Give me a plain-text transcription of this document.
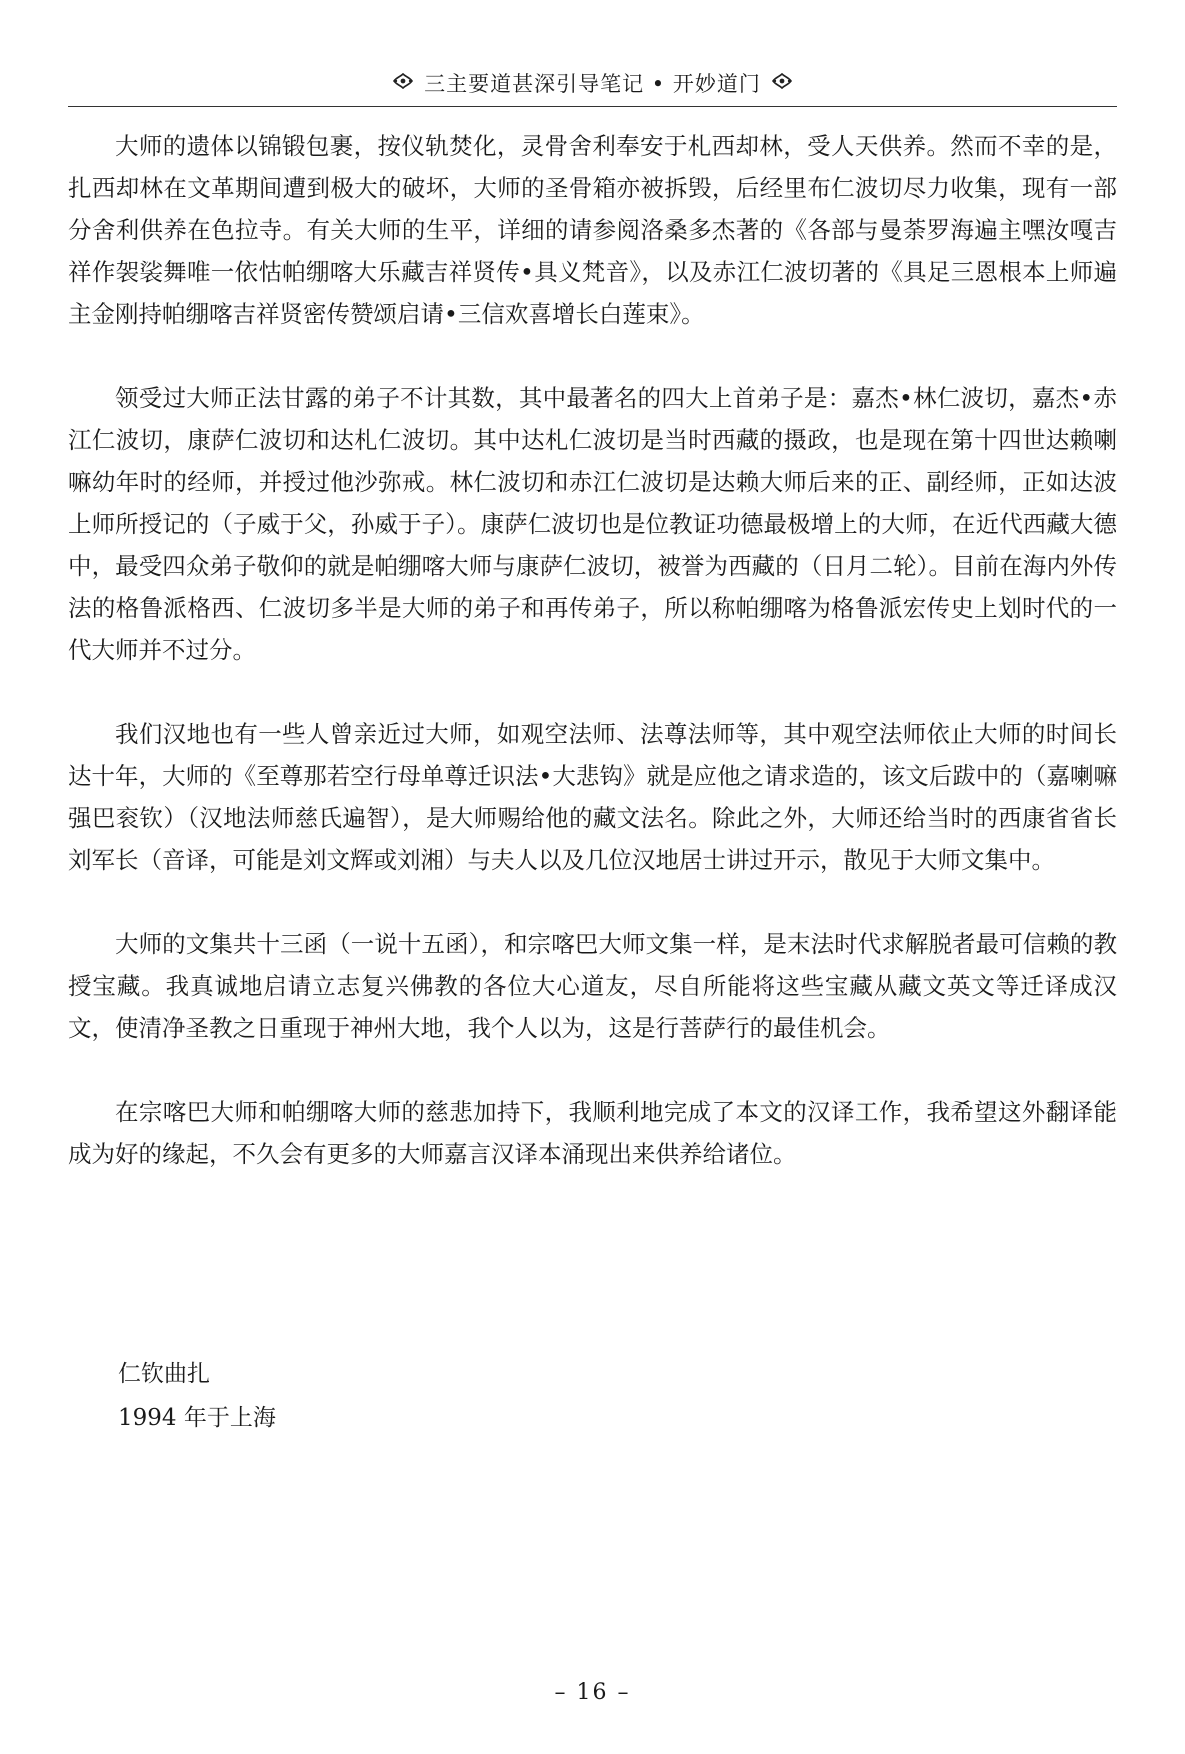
三主要道甚深引导笔记 • 开妙道门

大师的遗体以锦锻包裹，按仪轨焚化，灵骨舍利奉安于札西却林，受人天供养。然而不幸的是，扎西却林在文革期间遭到极大的破坏，大师的圣骨箱亦被拆毁，后经里布仁波切尽力收集，现有一部分舍利供养在色拉寺。有关大师的生平，详细的请参阅洛桑多杰著的《各部与曼荼罗海遍主嘿汝嘎吉祥作袈裟舞唯一依怙帕绷喀大乐藏吉祥贤传•具义梵音》，以及赤江仁波切著的《具足三恩根本上师遍主金刚持帕绷喀吉祥贤密传赞颂启请•三信欢喜增长白莲束》。

领受过大师正法甘露的弟子不计其数，其中最著名的四大上首弟子是：嘉杰•林仁波切，嘉杰•赤江仁波切，康萨仁波切和达札仁波切。其中达札仁波切是当时西藏的摄政，也是现在第十四世达赖喇嘛幼年时的经师，并授过他沙弥戒。林仁波切和赤江仁波切是达赖大师后来的正、副经师，正如达波上师所授记的（子威于父，孙威于子）。康萨仁波切也是位教证功德最极增上的大师，在近代西藏大德中，最受四众弟子敬仰的就是帕绷喀大师与康萨仁波切，被誉为西藏的（日月二轮）。目前在海内外传法的格鲁派格西、仁波切多半是大师的弟子和再传弟子，所以称帕绷喀为格鲁派宏传史上划时代的一代大师并不过分。

我们汉地也有一些人曾亲近过大师，如观空法师、法尊法师等，其中观空法师依止大师的时间长达十年，大师的《至尊那若空行母单尊迁识法•大悲钩》就是应他之请求造的，该文后跋中的（嘉喇嘛强巴衮钦）（汉地法师慈氏遍智），是大师赐给他的藏文法名。除此之外，大师还给当时的西康省省长刘军长（音译，可能是刘文辉或刘湘）与夫人以及几位汉地居士讲过开示，散见于大师文集中。

大师的文集共十三函（一说十五函），和宗喀巴大师文集一样，是末法时代求解脱者最可信赖的教授宝藏。我真诚地启请立志复兴佛教的各位大心道友，尽自所能将这些宝藏从藏文英文等迁译成汉文，使清净圣教之日重现于神州大地，我个人以为，这是行菩萨行的最佳机会。

在宗喀巴大师和帕绷喀大师的慈悲加持下，我顺利地完成了本文的汉译工作，我希望这外翻译能成为好的缘起，不久会有更多的大师嘉言汉译本涌现出来供养给诸位。

仁钦曲扎
1994 年于上海
– 16 –
